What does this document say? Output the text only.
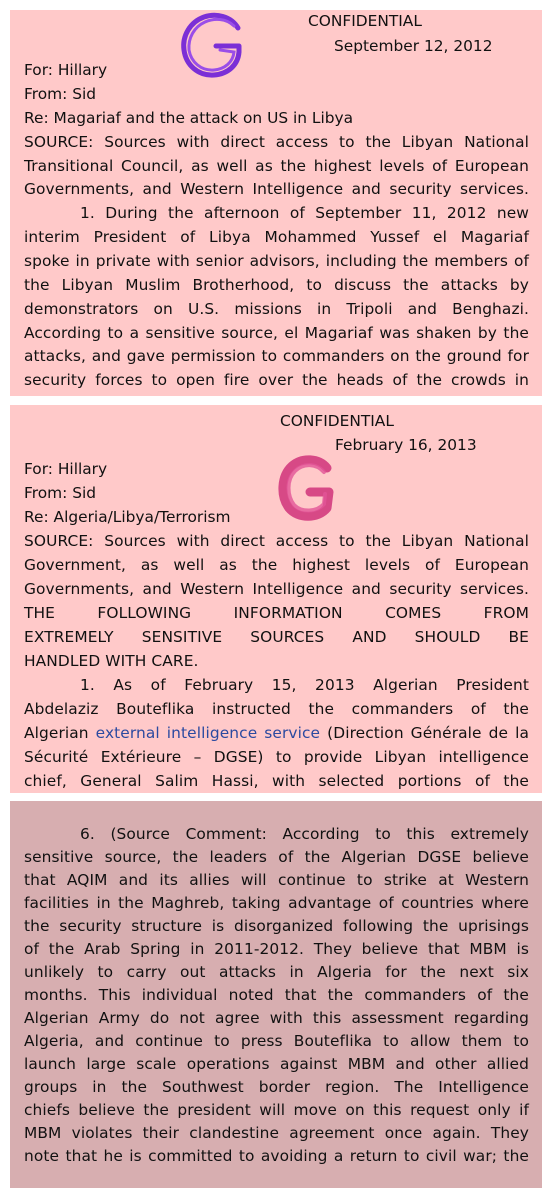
CONFIDENTIAL
September 12, 2012
For: Hillary
From: Sid
Re: Magariaf and the attack on US in Libya
SOURCE: Sources with direct access to the Libyan National
Transitional Council, as well as the highest levels of European
Governments, and Western Intelligence and security services.
1. During the afternoon of September 11, 2012 new
interim President of Libya Mohammed Yussef el Magariaf
spoke in private with senior advisors, including the members of
the Libyan Muslim Brotherhood, to discuss the attacks by
demonstrators on U.S. missions in Tripoli and Benghazi.
According to a sensitive source, el Magariaf was shaken by the
attacks, and gave permission to commanders on the ground for
security forces to open fire over the heads of the crowds in
CONFIDENTIAL
February 16, 2013
For: Hillary
From: Sid
Re: Algeria/Libya/Terrorism
SOURCE: Sources with direct access to the Libyan National
Government, as well as the highest levels of European
Governments, and Western Intelligence and security services.
THE FOLLOWING INFORMATION COMES FROM
EXTREMELY SENSITIVE SOURCES AND SHOULD BE
HANDLED WITH CARE.
1. As of February 15, 2013 Algerian President
Abdelaziz Bouteflika instructed the commanders of the
Algerian external intelligence service (Direction Générale de la
Sécurité Extérieure – DGSE) to provide Libyan intelligence
chief, General Salim Hassi, with selected portions of the
6. (Source Comment: According to this extremely
sensitive source, the leaders of the Algerian DGSE believe
that AQIM and its allies will continue to strike at Western
facilities in the Maghreb, taking advantage of countries where
the security structure is disorganized following the uprisings
of the Arab Spring in 2011-2012. They believe that MBM is
unlikely to carry out attacks in Algeria for the next six
months. This individual noted that the commanders of the
Algerian Army do not agree with this assessment regarding
Algeria, and continue to press Bouteflika to allow them to
launch large scale operations against MBM and other allied
groups in the Southwest border region. The Intelligence
chiefs believe the president will move on this request only if
MBM violates their clandestine agreement once again. They
note that he is committed to avoiding a return to civil war; the
